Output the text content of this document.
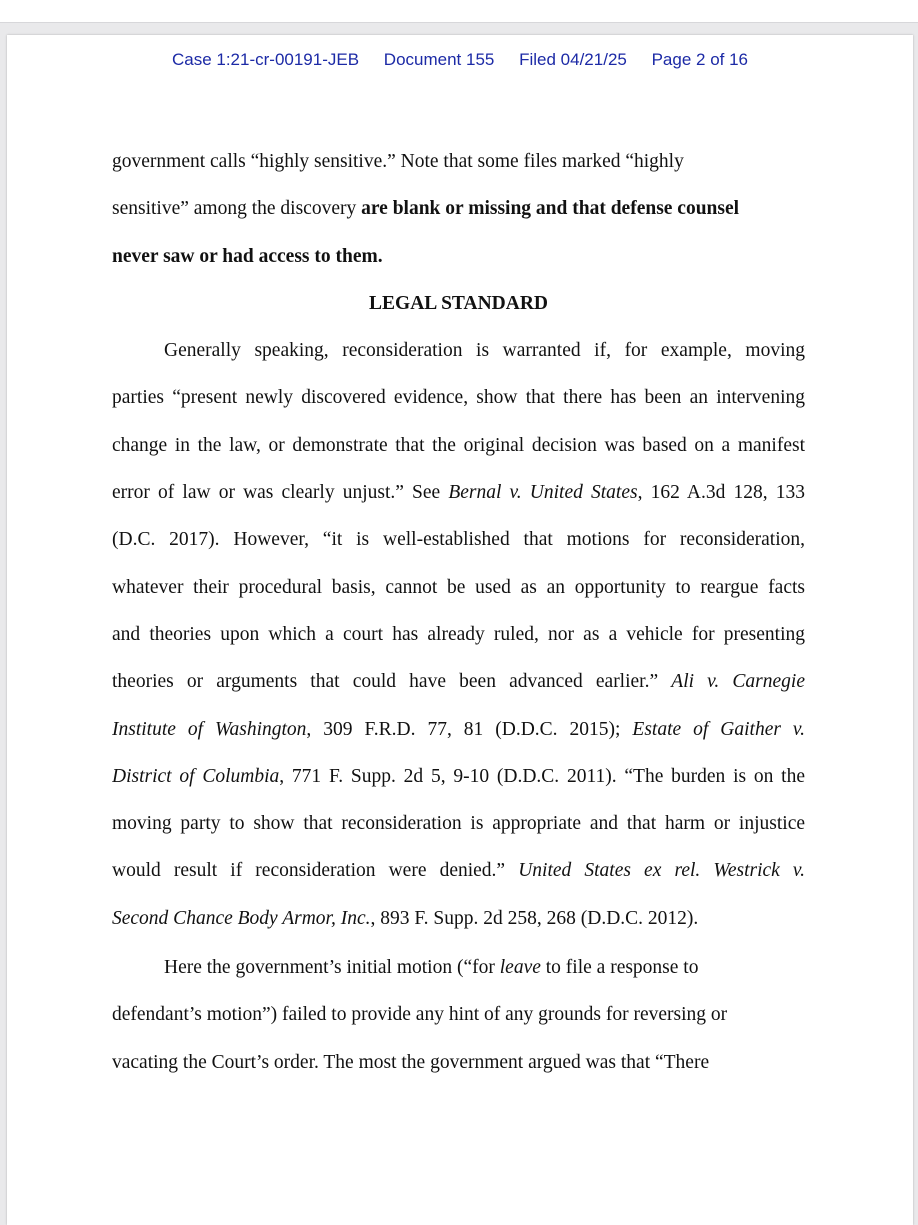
Case 1:21-cr-00191-JEB Document 155 Filed 04/21/25 Page 2 of 16
government calls “highly sensitive.” Note that some files marked “highly
sensitive” among the discovery are blank or missing and that defense counsel
never saw or had access to them.
LEGAL STANDARD
Generally speaking, reconsideration is warranted if, for example, moving
parties “present newly discovered evidence, show that there has been an intervening
change in the law, or demonstrate that the original decision was based on a manifest
error of law or was clearly unjust.” See Bernal v. United States, 162 A.3d 128, 133
(D.C. 2017). However, “it is well-established that motions for reconsideration,
whatever their procedural basis, cannot be used as an opportunity to reargue facts
and theories upon which a court has already ruled, nor as a vehicle for presenting
theories or arguments that could have been advanced earlier.” Ali v. Carnegie
Institute of Washington, 309 F.R.D. 77, 81 (D.D.C. 2015); Estate of Gaither v.
District of Columbia, 771 F. Supp. 2d 5, 9-10 (D.D.C. 2011). “The burden is on the
moving party to show that reconsideration is appropriate and that harm or injustice
would result if reconsideration were denied.” United States ex rel. Westrick v.
Second Chance Body Armor, Inc., 893 F. Supp. 2d 258, 268 (D.D.C. 2012).
Here the government’s initial motion (“for leave to file a response to
defendant’s motion”) failed to provide any hint of any grounds for reversing or
vacating the Court’s order. The most the government argued was that “There
